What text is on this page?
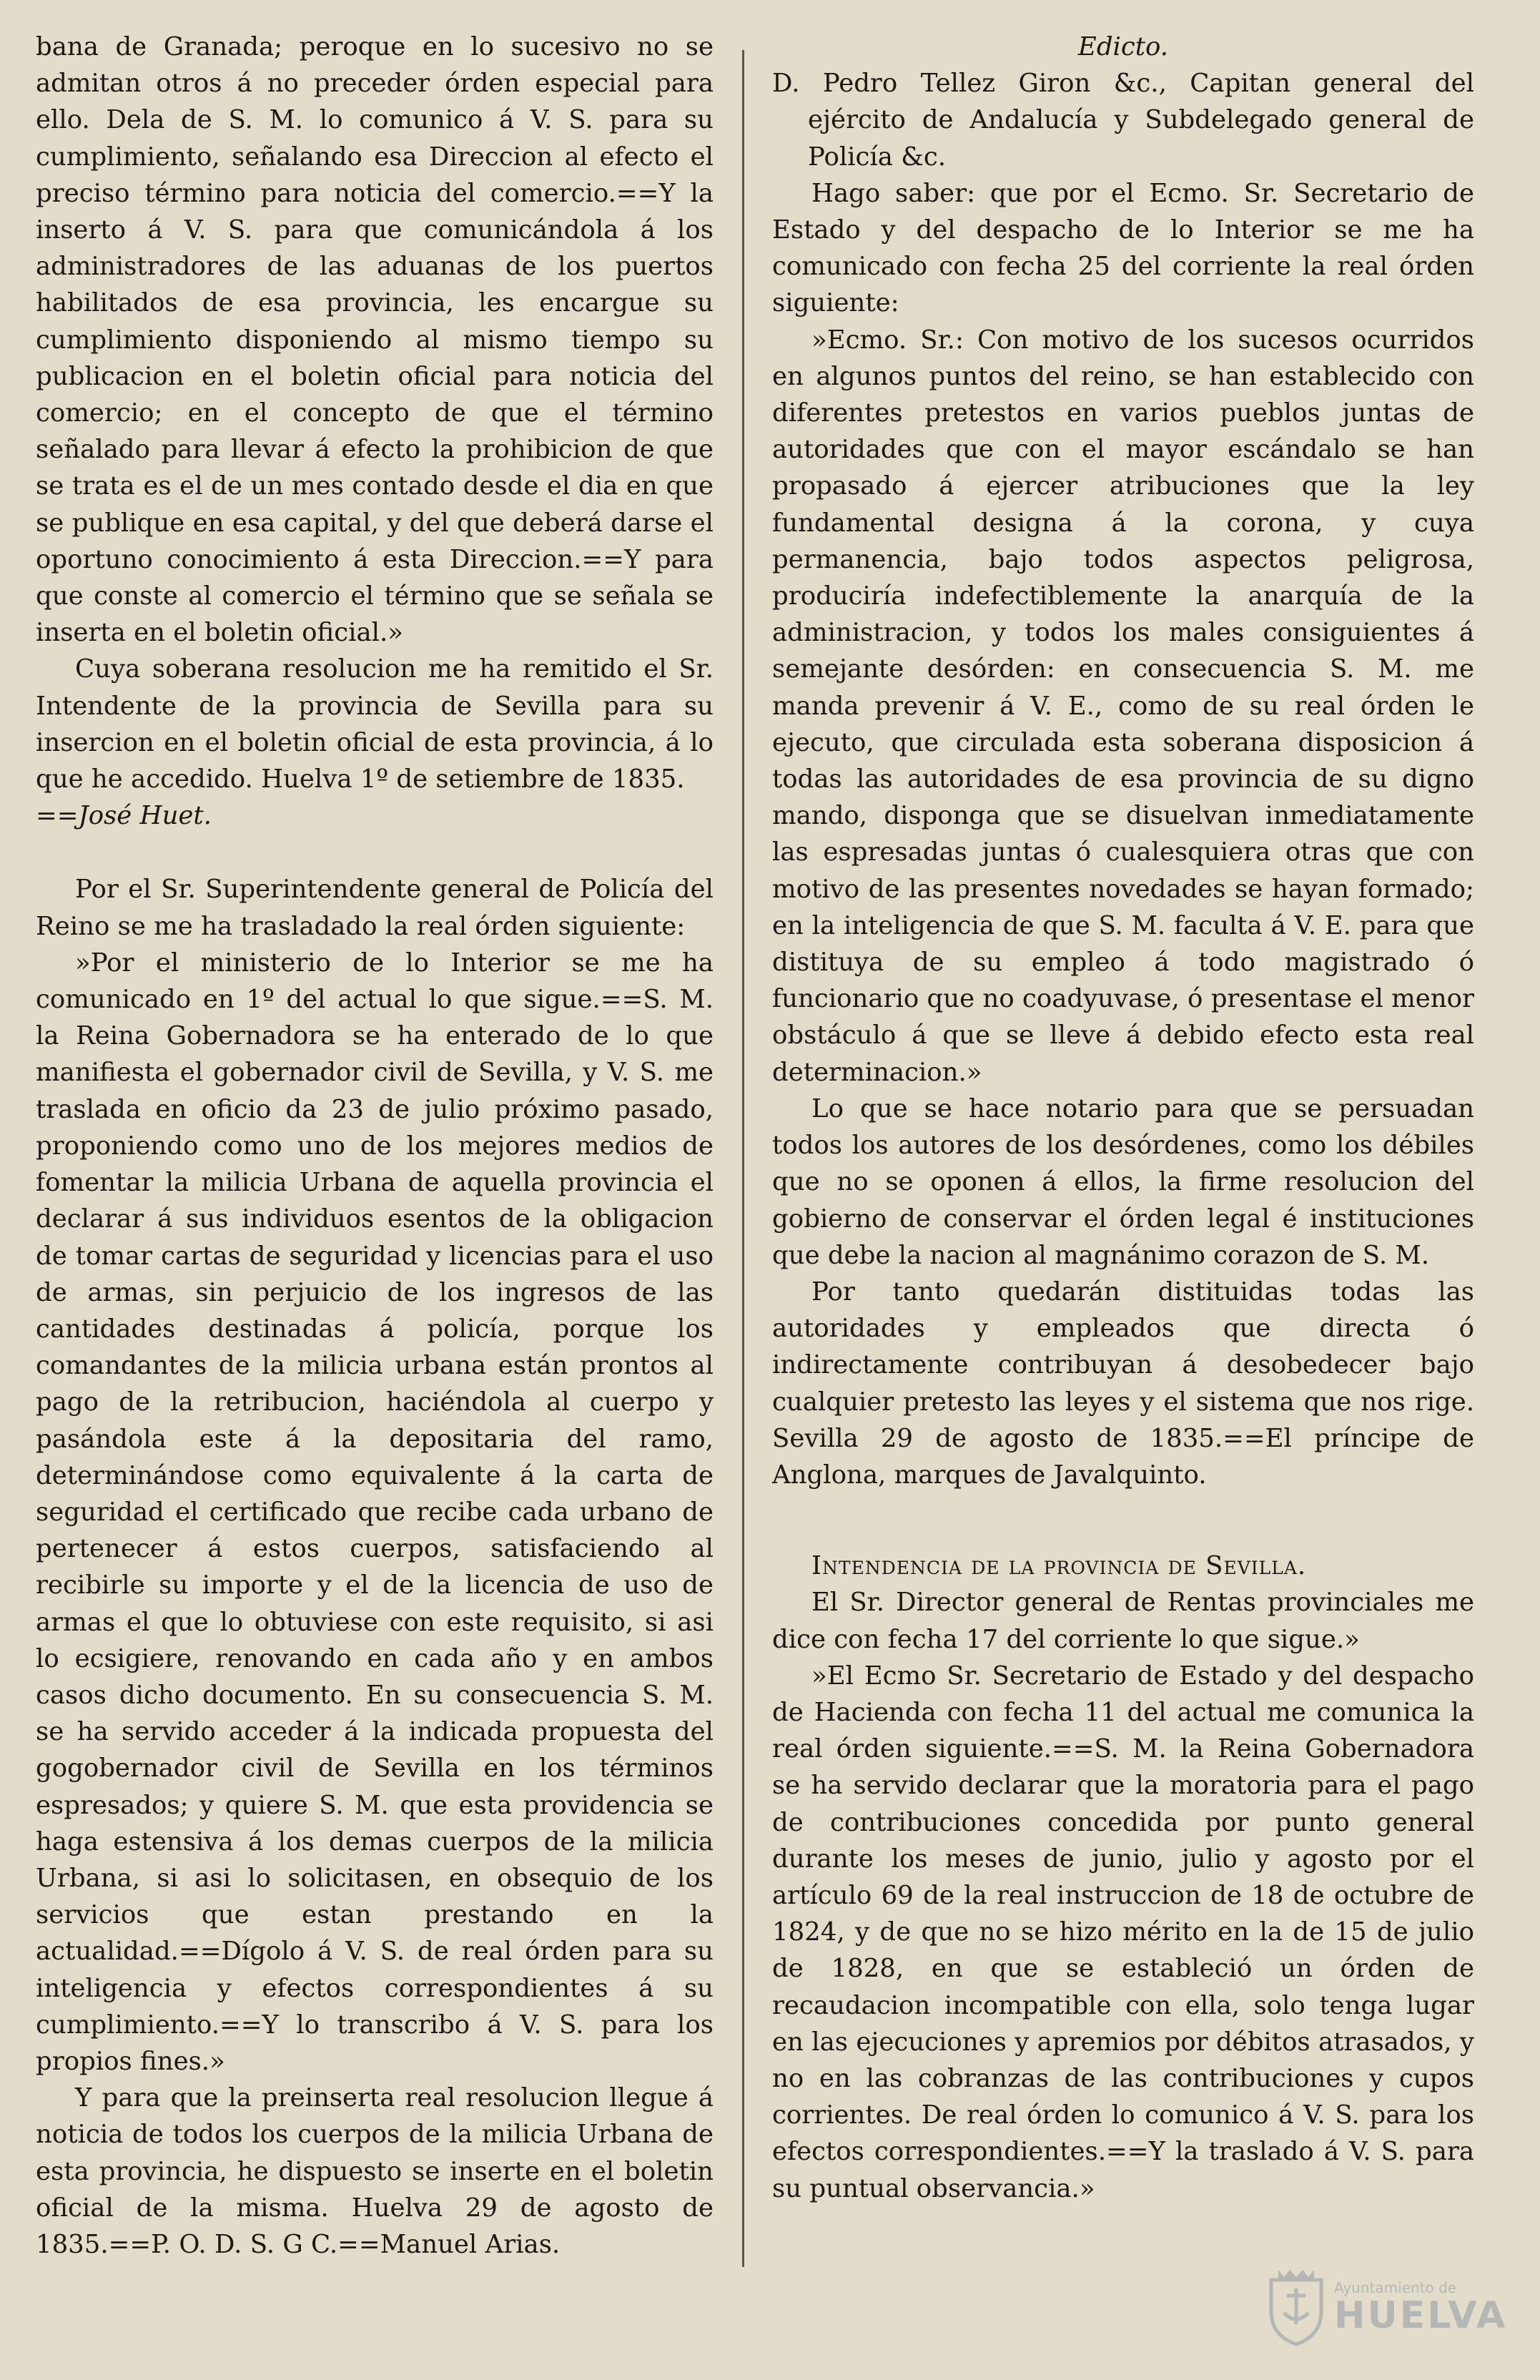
bana de Granada; peroque en lo sucesivo no se admitan otros á no preceder órden especial para ello. Dela de S. M. lo comunico á V. S. para su cumplimiento, señalando esa Direccion al efecto el preciso término para noticia del comercio.==Y la inserto á V. S. para que comunicándola á los administradores de las aduanas de los puertos habilitados de esa provincia, les encargue su cumplimiento disponiendo al mismo tiempo su publicacion en el boletin oficial para noticia del comercio; en el concepto de que el término señalado para llevar á efecto la prohibicion de que se trata es el de un mes contado desde el dia en que se publique en esa capital, y del que deberá darse el oportuno conocimiento á esta Direccion.==Y para que conste al comercio el término que se señala se inserta en el boletin oficial.»

Cuya soberana resolucion me ha remitido el Sr. Intendente de la provincia de Sevilla para su insercion en el boletin oficial de esta provincia, á lo que he accedido. Huelva 1º de setiembre de 1835.

==José Huet.

Por el Sr. Superintendente general de Policía del Reino se me ha trasladado la real órden siguiente:

»Por el ministerio de lo Interior se me ha comunicado en 1º del actual lo que sigue.==S. M. la Reina Gobernadora se ha enterado de lo que manifiesta el gobernador civil de Sevilla, y V. S. me traslada en oficio da 23 de julio próximo pasado, proponiendo como uno de los mejores medios de fomentar la milicia Urbana de aquella provincia el declarar á sus individuos esentos de la obligacion de tomar cartas de seguridad y licencias para el uso de armas, sin perjuicio de los ingresos de las cantidades destinadas á policía, porque los comandantes de la milicia urbana están prontos al pago de la retribucion, haciéndola al cuerpo y pasándola este á la depositaria del ramo, determinándose como equivalente á la carta de seguridad el certificado que recibe cada urbano de pertenecer á estos cuerpos, satisfaciendo al recibirle su importe y el de la licencia de uso de armas el que lo obtuviese con este requisito, si asi lo ecsigiere, renovando en cada año y en ambos casos dicho documento. En su consecuencia S. M. se ha servido acceder á la indicada propuesta del gogobernador civil de Sevilla en los términos espresados; y quiere S. M. que esta providencia se haga estensiva á los demas cuerpos de la milicia Urbana, si asi lo solicitasen, en obsequio de los servicios que estan prestando en la actualidad.==Dígolo á V. S. de real órden para su inteligencia y efectos correspondientes á su cumplimiento.==Y lo transcribo á V. S. para los propios fines.»

Y para que la preinserta real resolucion llegue á noticia de todos los cuerpos de la milicia Urbana de esta provincia, he dispuesto se inserte en el boletin oficial de la misma. Huelva 29 de agosto de 1835.==P. O. D. S. G C.==Manuel Arias.

Edicto.

D. Pedro Tellez Giron &c., Capitan general del ejército de Andalucía y Subdelegado general de Policía &c.

Hago saber: que por el Ecmo. Sr. Secretario de Estado y del despacho de lo Interior se me ha comunicado con fecha 25 del corriente la real órden siguiente:

»Ecmo. Sr.: Con motivo de los sucesos ocurridos en algunos puntos del reino, se han establecido con diferentes pretestos en varios pueblos juntas de autoridades que con el mayor escándalo se han propasado á ejercer atribuciones que la ley fundamental designa á la corona, y cuya permanencia, bajo todos aspectos peligrosa, produciría indefectiblemente la anarquía de la administracion, y todos los males consiguientes á semejante desórden: en consecuencia S. M. me manda prevenir á V. E., como de su real órden le ejecuto, que circulada esta soberana disposicion á todas las autoridades de esa provincia de su digno mando, disponga que se disuelvan inmediatamente las espresadas juntas ó cualesquiera otras que con motivo de las presentes novedades se hayan formado; en la inteligencia de que S. M. faculta á V. E. para que distituya de su empleo á todo magistrado ó funcionario que no coadyuvase, ó presentase el menor obstáculo á que se lleve á debido efecto esta real determinacion.»

Lo que se hace notario para que se persuadan todos los autores de los desórdenes, como los débiles que no se oponen á ellos, la firme resolucion del gobierno de conservar el órden legal é instituciones que debe la nacion al magnánimo corazon de S. M.

Por tanto quedarán distituidas todas las autoridades y empleados que directa ó indirectamente contribuyan á desobedecer bajo cualquier pretesto las leyes y el sistema que nos rige. Sevilla 29 de agosto de 1835.==El príncipe de Anglona, marques de Javalquinto.

Intendencia de la provincia de Sevilla.

El Sr. Director general de Rentas provinciales me dice con fecha 17 del corriente lo que sigue.»

»El Ecmo Sr. Secretario de Estado y del despacho de Hacienda con fecha 11 del actual me comunica la real órden siguiente.==S. M. la Reina Gobernadora se ha servido declarar que la moratoria para el pago de contribuciones concedida por punto general durante los meses de junio, julio y agosto por el artículo 69 de la real instruccion de 18 de octubre de 1824, y de que no se hizo mérito en la de 15 de julio de 1828, en que se estableció un órden de recaudacion incompatible con ella, solo tenga lugar en las ejecuciones y apremios por débitos atrasados, y no en las cobranzas de las contribuciones y cupos corrientes. De real órden lo comunico á V. S. para los efectos correspondientes.==Y la traslado á V. S. para su puntual observancia.»

Ayuntamiento de
HUELVA
